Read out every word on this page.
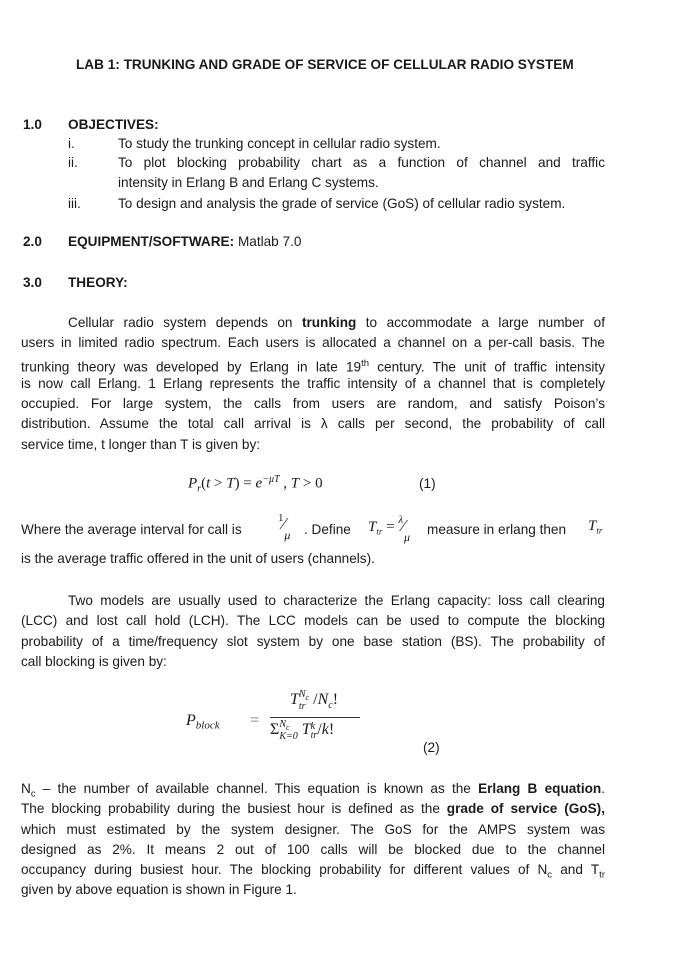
LAB 1: TRUNKING AND GRADE OF SERVICE OF CELLULAR RADIO SYSTEM
1.0 OBJECTIVES:
i.	To study the trunking concept in cellular radio system.
ii.	To plot blocking probability chart as a function of channel and traffic
intensity in Erlang B and Erlang C systems.
iii.	To design and analysis the grade of service (GoS) of cellular radio system.
2.0 EQUIPMENT/SOFTWARE: Matlab 7.0
3.0 THEORY:
Cellular radio system depends on trunking to accommodate a large number of
users in limited radio spectrum. Each users is allocated a channel on a per-call basis. The
trunking theory was developed by Erlang in late 19th century. The unit of traffic intensity
is now call Erlang. 1 Erlang represents the traffic intensity of a channel that is completely
occupied. For large system, the calls from users are random, and satisfy Poison’s
distribution. Assume the total call arrival is λ calls per second, the probability of call
service time, t longer than T is given by:
$P_r(t > T) = e^{-\mu T}$ , T > 0	(1)
Where the average interval for call is
$^1⁄_\mu$ . Define $T_{tr}$ = $^\lambda⁄_\mu$ measure in erlang then $T_{tr}$
is the average traffic offered in the unit of users (channels).
Two models are usually used to characterize the Erlang capacity: loss call clearing
(LCC) and lost call hold (LCH). The LCC models can be used to compute the blocking
probability of a time/frequency slot system by one base station (BS). The probability of
call blocking is given by:
$P_{block}$ =
T $N_c$
tr $/N_c$!
Σ $N_c$
K=0 T k
tr /k!
(2)
$N_c$ – the number of available channel. This equation is known as the Erlang B equation.
The blocking probability during the busiest hour is defined as the grade of service (GoS),
which must estimated by the system designer. The GoS for the AMPS system was
designed as 2%. It means 2 out of 100 calls will be blocked due to the channel
occupancy during busiest hour. The blocking probability for different values of $N_c$ and $T_{tr}$
given by above equation is shown in Figure 1.
